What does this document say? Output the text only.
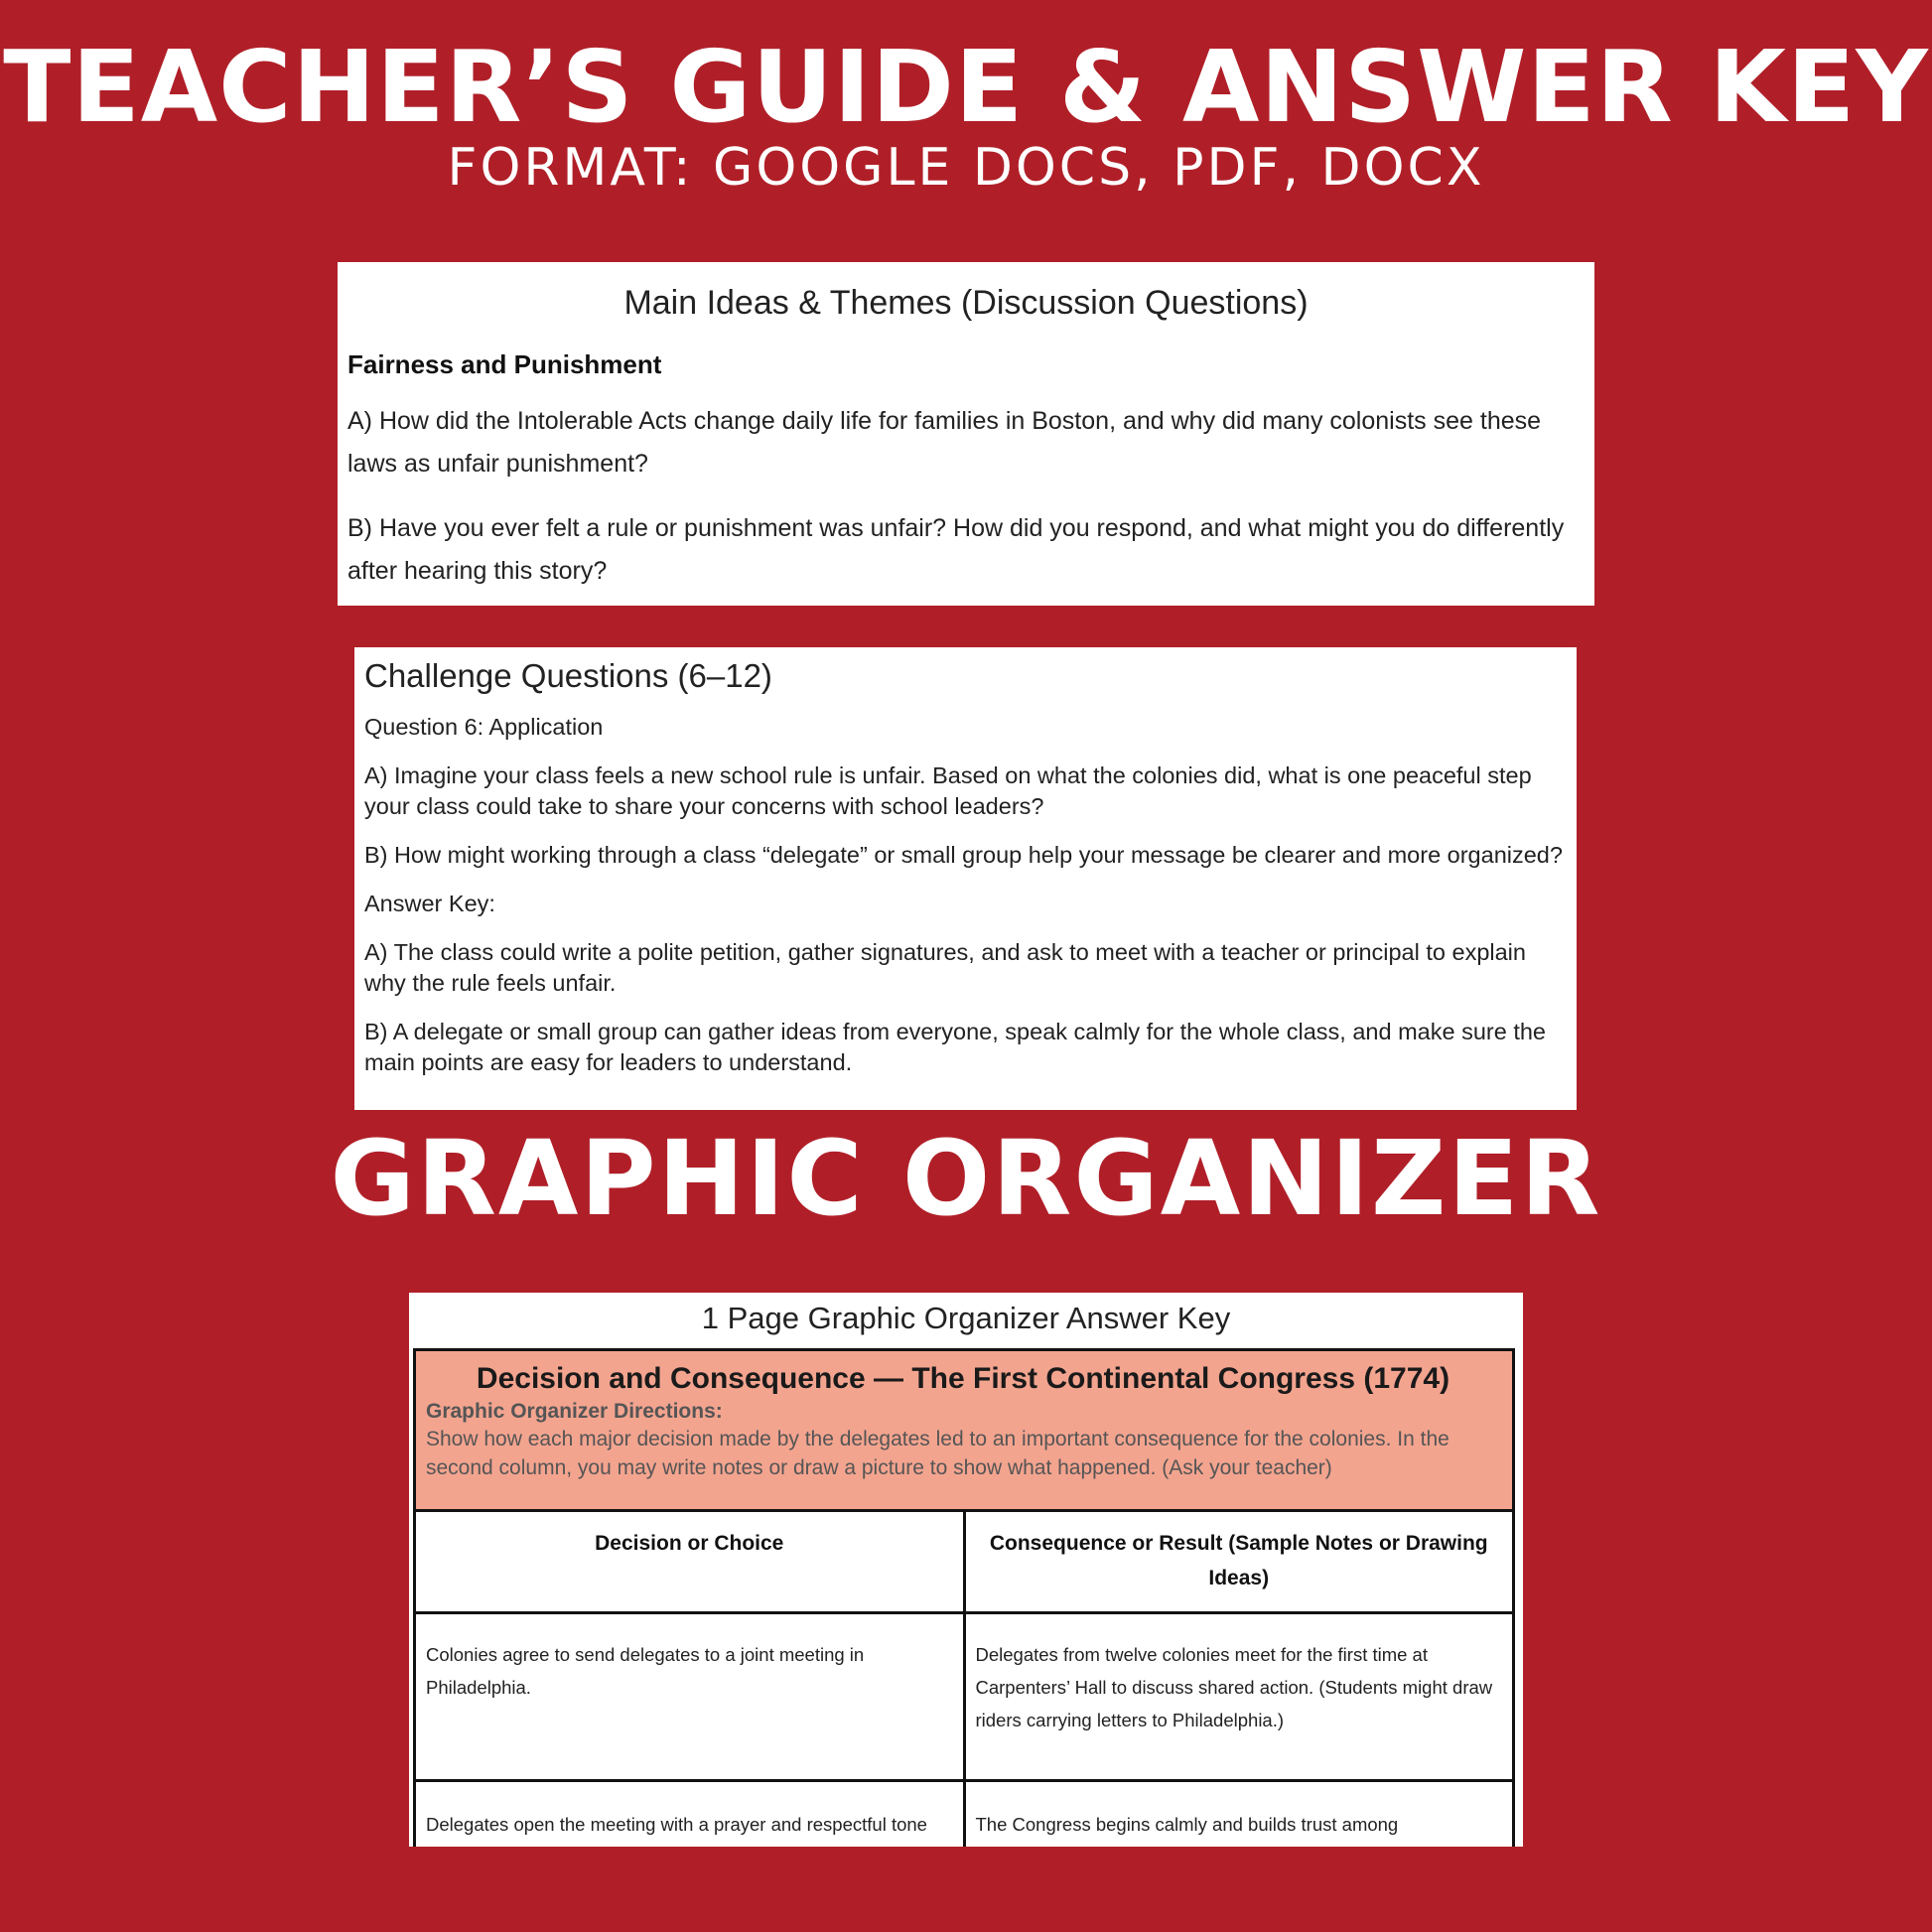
TEACHER’S GUIDE & ANSWER KEY
FORMAT: GOOGLE DOCS, PDF, DOCX
Main Ideas & Themes (Discussion Questions)
Fairness and Punishment

A) How did the Intolerable Acts change daily life for families in Boston, and why did many colonists see these laws as unfair punishment?

B) Have you ever felt a rule or punishment was unfair? How did you respond, and what might you do differently after hearing this story?

Challenge Questions (6–12)

Question 6: Application

A) Imagine your class feels a new school rule is unfair. Based on what the colonies did, what is one peaceful step your class could take to share your concerns with school leaders?

B) How might working through a class “delegate” or small group help your message be clearer and more organized?

Answer Key:

A) The class could write a polite petition, gather signatures, and ask to meet with a teacher or principal to explain why the rule feels unfair.

B) A delegate or small group can gather ideas from everyone, speak calmly for the whole class, and make sure the main points are easy for leaders to understand.

GRAPHIC ORGANIZER
1 Page Graphic Organizer Answer Key
Decision and Consequence — The First Continental Congress (1774)
Graphic Organizer Directions:
Show how each major decision made by the delegates led to an important consequence for the colonies. In the second column, you may write notes or draw a picture to show what happened. (Ask your teacher)
Decision or Choice	Consequence or Result (Sample Notes or Drawing Ideas)
Colonies agree to send delegates to a joint meeting in Philadelphia.	Delegates from twelve colonies meet for the first time at Carpenters’ Hall to discuss shared action. (Students might draw riders carrying letters to Philadelphia.)
Delegates open the meeting with a prayer and respectful tone	The Congress begins calmly and builds trust among
